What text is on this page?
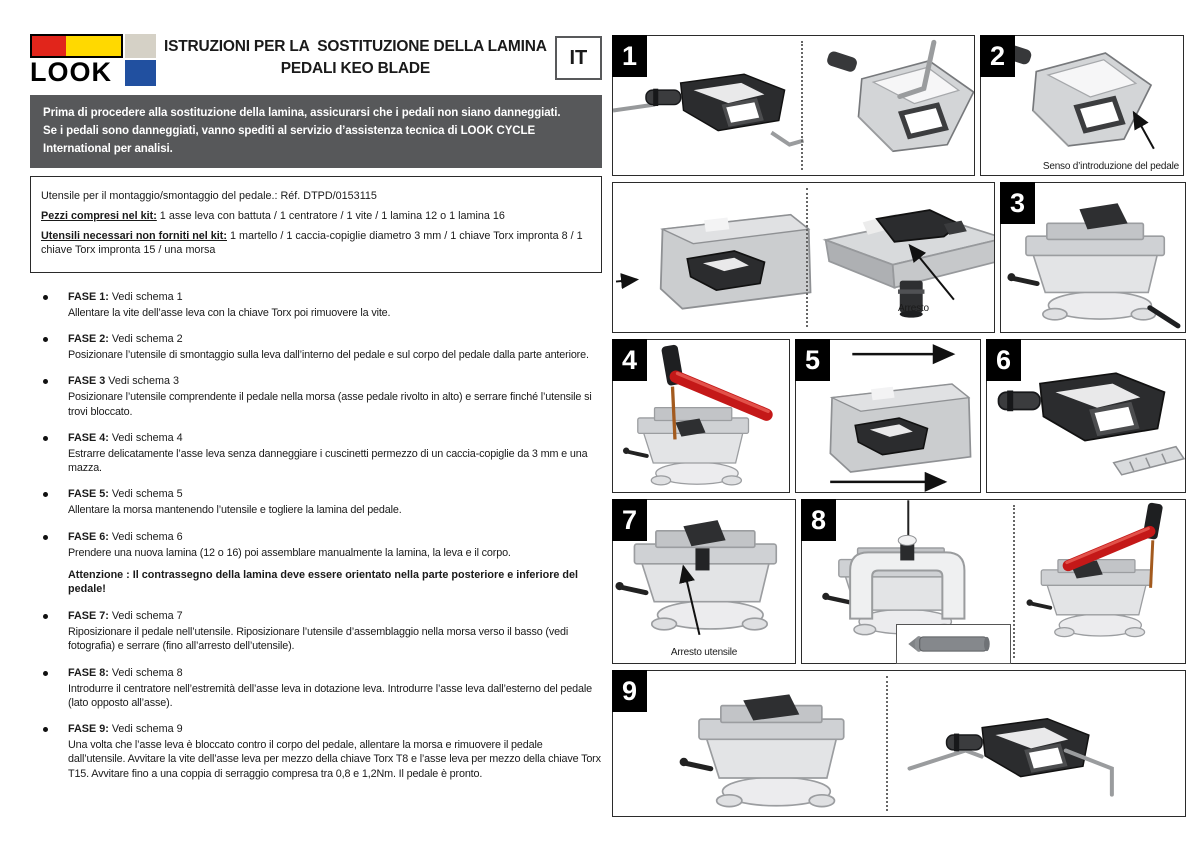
LOOK
ISTRUZIONI PER LA  SOSTITUZIONE DELLA LAMINA
PEDALI KEO BLADE	IT
Prima di procedere alla sostituzione della lamina, assicurarsi che i pedali non siano danneggiati.
Se i pedali sono danneggiati, vanno spediti al servizio d’assistenza tecnica di LOOK CYCLE International per analisi.
Utensile per il montaggio/smontaggio del pedale.: Réf. DTPD/0153115
Pezzi compresi nel kit: 1 asse leva con battuta / 1 centratore / 1 vite / 1 lamina 12 o 1 lamina 16
Utensili necessari non forniti nel kit: 1 martello / 1 caccia-copiglie diametro 3 mm / 1 chiave Torx impronta 8 / 1 chiave Torx impronta 15 / una morsa
FASE 1: Vedi schema 1
Allentare la vite dell’asse leva con la chiave Torx poi rimuovere la vite.
FASE 2: Vedi schema 2
Posizionare l’utensile di smontaggio sulla leva dall’interno del pedale e sul corpo del pedale dalla parte anteriore.
FASE 3 Vedi schema 3
Posizionare l’utensile comprendente il pedale nella morsa (asse pedale rivolto in alto) e serrare finché l’utensile si trovi bloccato.
FASE 4: Vedi schema 4
Estrarre delicatamente l’asse leva senza danneggiare i cuscinetti permezzo di un caccia-copiglie da 3 mm e una mazza.
FASE 5: Vedi schema 5
Allentare la morsa mantenendo l’utensile e togliere la lamina del pedale.
FASE 6: Vedi schema 6
Prendere una nuova lamina (12 o 16) poi assemblare manualmente la lamina, la leva e il corpo.
Attenzione : Il contrassegno della lamina deve essere orientato nella parte posteriore e inferiore del pedale!
FASE 7: Vedi schema 7
Riposizionare il pedale nell’utensile. Riposizionare l’utensile d’assemblaggio nella morsa verso il basso (vedi fotografia) e serrare (fino all’arresto dell’utensile).
FASE 8: Vedi schema 8
Introdurre il centratore nell’estremità dell’asse leva in dotazione leva. Introdurre l’asse leva dall’esterno del pedale (lato opposto all’asse).
FASE 9: Vedi schema 9
Una volta che l’asse leva è bloccato contro il corpo del pedale, allentare la morsa e rimuovere il pedale dall’utensile. Avvitare la vite dell’asse leva per mezzo della chiave Torx T8 e l’asse leva per mezzo della chiave Torx T15. Avvitare fino a una coppia di serraggio compresa tra 0,8 e 1,2Nm. Il pedale è pronto.
1	2
Senso d’introduzione del pedale
Arresto
3
4	5	6
7
Arresto utensile
8
9
